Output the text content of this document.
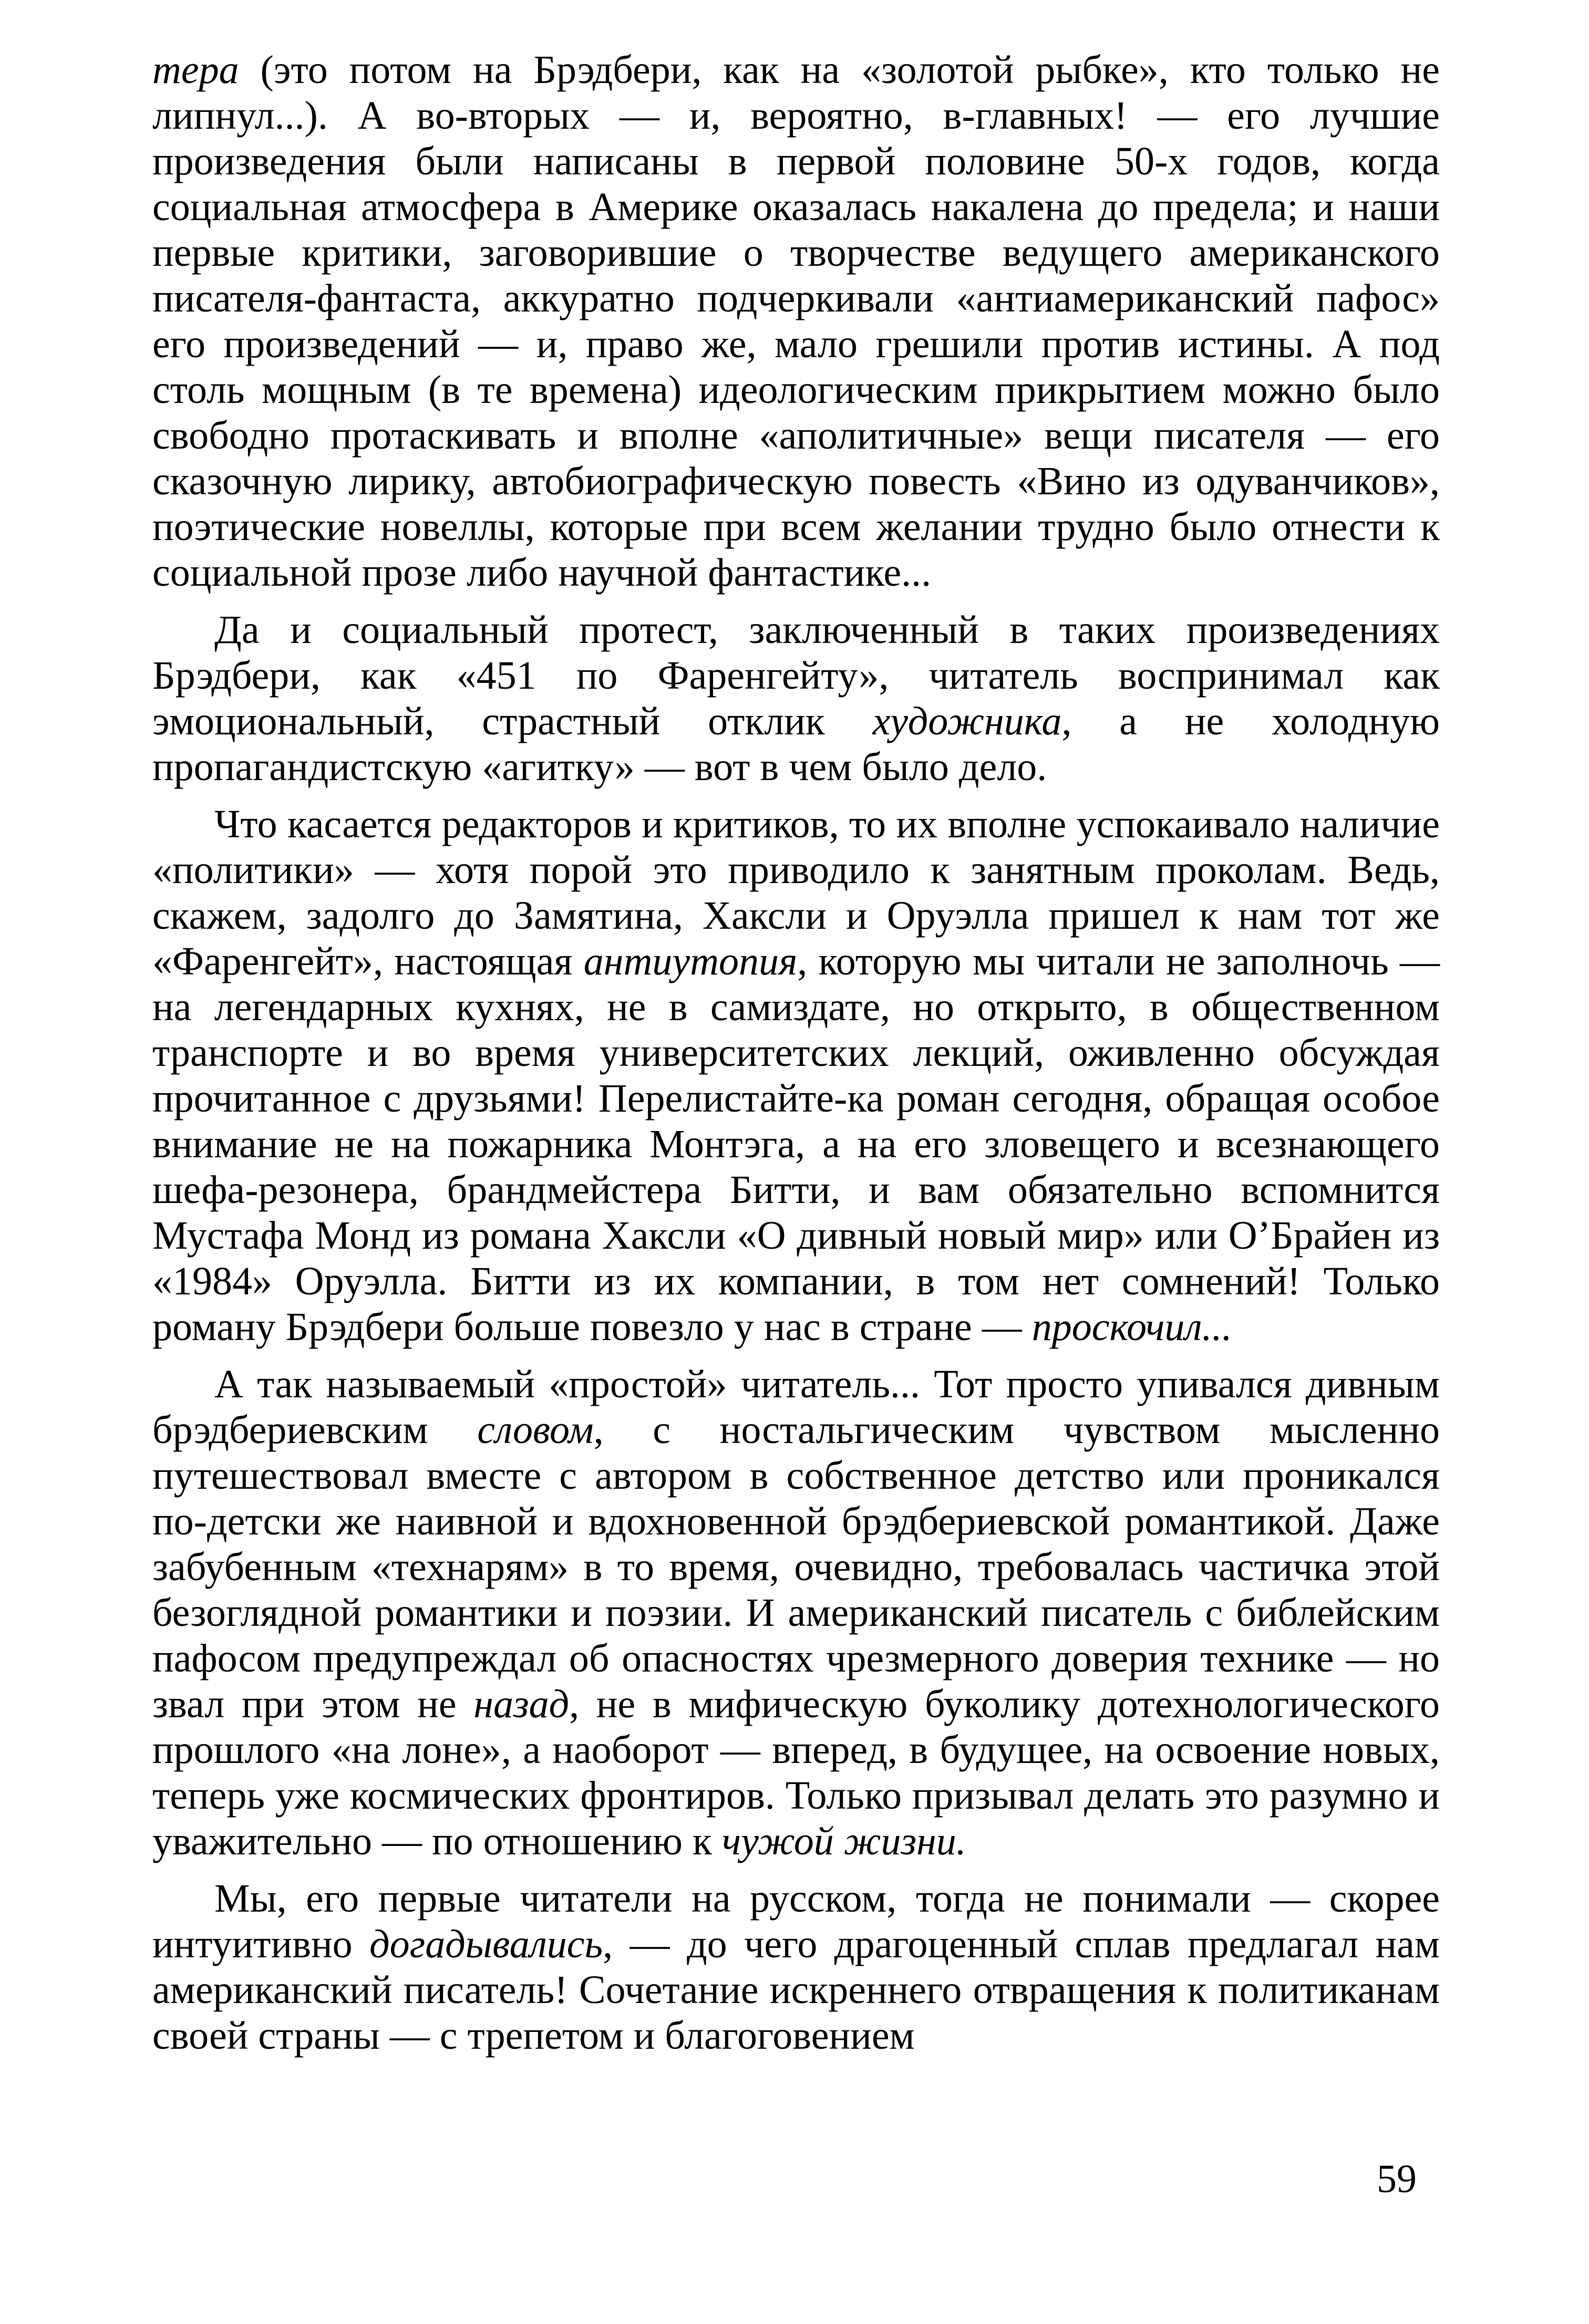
тера (это потом на Брэдбери, как на «золотой рыбке», кто только не липнул...). А во-вторых — и, вероятно, в-главных! — его лучшие произведения были написаны в первой половине 50-х годов, когда социальная атмосфера в Америке оказалась накалена до предела; и наши первые критики, заговорившие о творчестве ведущего американского писателя-фантаста, аккуратно подчеркивали «антиамериканский пафос» его произведений — и, право же, мало грешили против истины. А под столь мощным (в те времена) идеологическим прикрытием можно было свободно протаскивать и вполне «аполитичные» вещи писателя — его сказочную лирику, автобиографическую повесть «Вино из одуванчиков», поэтические новеллы, которые при всем желании трудно было отнести к социальной прозе либо научной фантастике...

Да и социальный протест, заключенный в таких произведениях Брэдбери, как «451 по Фаренгейту», читатель воспринимал как эмоциональный, страстный отклик художника, а не холодную пропагандистскую «агитку» — вот в чем было дело.

Что касается редакторов и критиков, то их вполне успокаивало наличие «политики» — хотя порой это приводило к занятным проколам. Ведь, скажем, задолго до Замятина, Хаксли и Оруэлла пришел к нам тот же «Фаренгейт», настоящая антиутопия, которую мы читали не заполночь — на легендарных кухнях, не в самиздате, но открыто, в общественном транспорте и во время университетских лекций, оживленно обсуждая прочитанное с друзьями! Перелистайте-ка роман сегодня, обращая особое внимание не на пожарника Монтэга, а на его зловещего и всезнающего шефа-резонера, брандмейстера Битти, и вам обязательно вспомнится Мустафа Монд из романа Хаксли «О дивный новый мир» или О’Брайен из «1984» Оруэлла. Битти из их компании, в том нет сомнений! Только роману Брэдбери больше повезло у нас в стране — проскочил...

А так называемый «простой» читатель... Тот просто упивался дивным брэдбериевским словом, с ностальгическим чувством мысленно путешествовал вместе с автором в собственное детство или проникался по-детски же наивной и вдохновенной брэдбериевской романтикой. Даже забубенным «технарям» в то время, очевидно, требовалась частичка этой безоглядной романтики и поэзии. И американский писатель с библейским пафосом предупреждал об опасностях чрезмерного доверия технике — но звал при этом не назад, не в мифическую буколику дотехнологического прошлого «на лоне», а наоборот — вперед, в будущее, на освоение новых, теперь уже космических фронтиров. Только призывал делать это разумно и уважительно — по отношению к чужой жизни.

Мы, его первые читатели на русском, тогда не понимали — скорее интуитивно догадывались, — до чего драгоценный сплав предлагал нам американский писатель! Сочетание искреннего отвращения к политиканам своей страны — с трепетом и благоговением

59
